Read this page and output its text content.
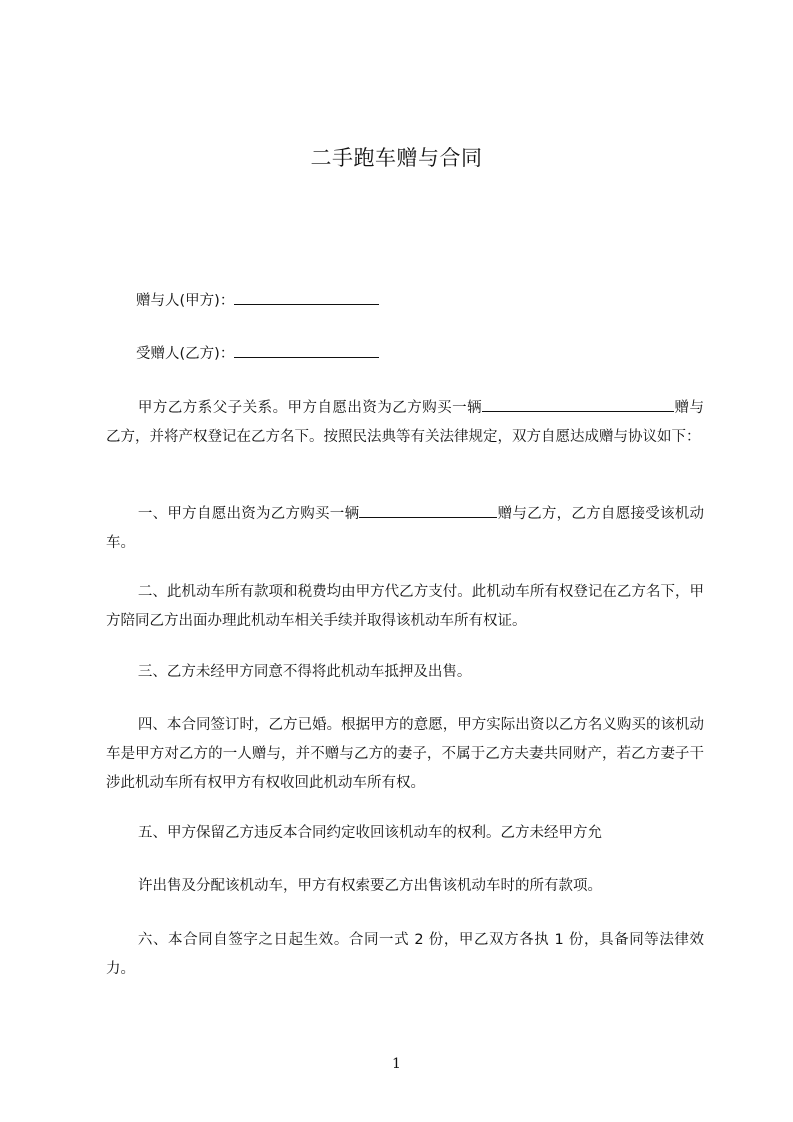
二手跑车赠与合同
赠与人(甲方)：
受赠人(乙方)：
甲方乙方系父子关系。甲方自愿出资为乙方购买一辆	赠与乙方，并将产权登记在乙方名下。按照民法典等有关法律规定，双方自愿达成赠与协议如下：
一、甲方自愿出资为乙方购买一辆	赠与乙方，乙方自愿接受该机动车。
二、此机动车所有款项和税费均由甲方代乙方支付。此机动车所有权登记在乙方名下，甲方陪同乙方出面办理此机动车相关手续并取得该机动车所有权证。
三、乙方未经甲方同意不得将此机动车抵押及出售。
四、本合同签订时，乙方已婚。根据甲方的意愿，甲方实际出资以乙方名义购买的该机动车是甲方对乙方的一人赠与，并不赠与乙方的妻子，不属于乙方夫妻共同财产，若乙方妻子干涉此机动车所有权甲方有权收回此机动车所有权。
五、甲方保留乙方违反本合同约定收回该机动车的权利。乙方未经甲方允
许出售及分配该机动车，甲方有权索要乙方出售该机动车时的所有款项。
六、本合同自签字之日起生效。合同一式 2 份，甲乙双方各执 1 份，具备同等法律效力。
1
